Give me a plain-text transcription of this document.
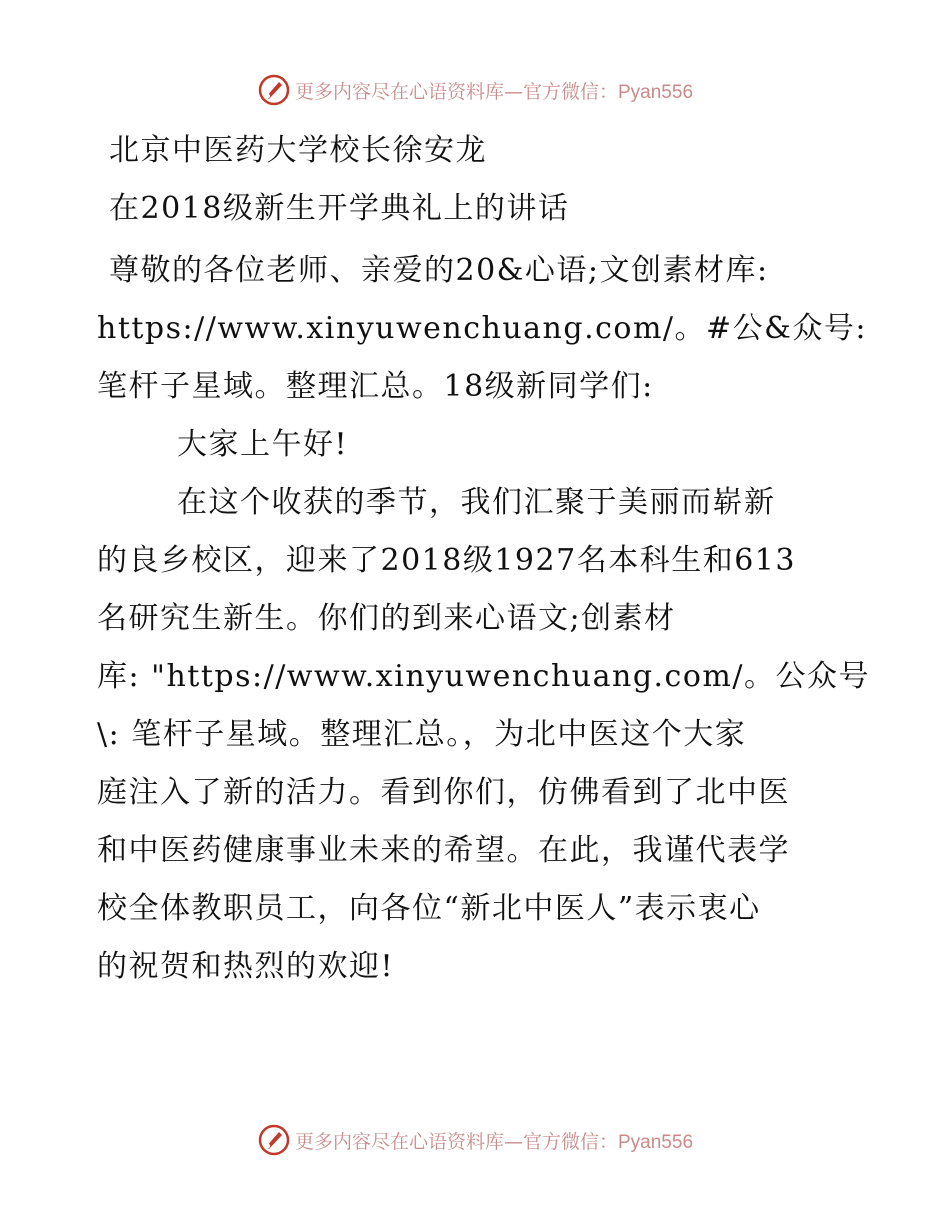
更多内容尽在心语资料库—官方微信：Pyan556

北京中医药大学校长徐安龙

在2018级新生开学典礼上的讲话

尊敬的各位老师、亲爱的20&心语;文创素材库:

https://www.xinyuwenchuang.com/。#公&众号:

笔杆子星域。整理汇总。18级新同学们:

大家上午好!

在这个收获的季节，我们汇聚于美丽而崭新

的良乡校区，迎来了2018级1927名本科生和613

名研究生新生。你们的到来心语文;创素材

库: "https://www.xinyuwenchuang.com/。公众号

\: 笔杆子星域。整理汇总。，为北中医这个大家

庭注入了新的活力。看到你们，仿佛看到了北中医

和中医药健康事业未来的希望。在此，我谨代表学

校全体教职员工，向各位“新北中医人”表示衷心

的祝贺和热烈的欢迎!

更多内容尽在心语资料库—官方微信：Pyan556
